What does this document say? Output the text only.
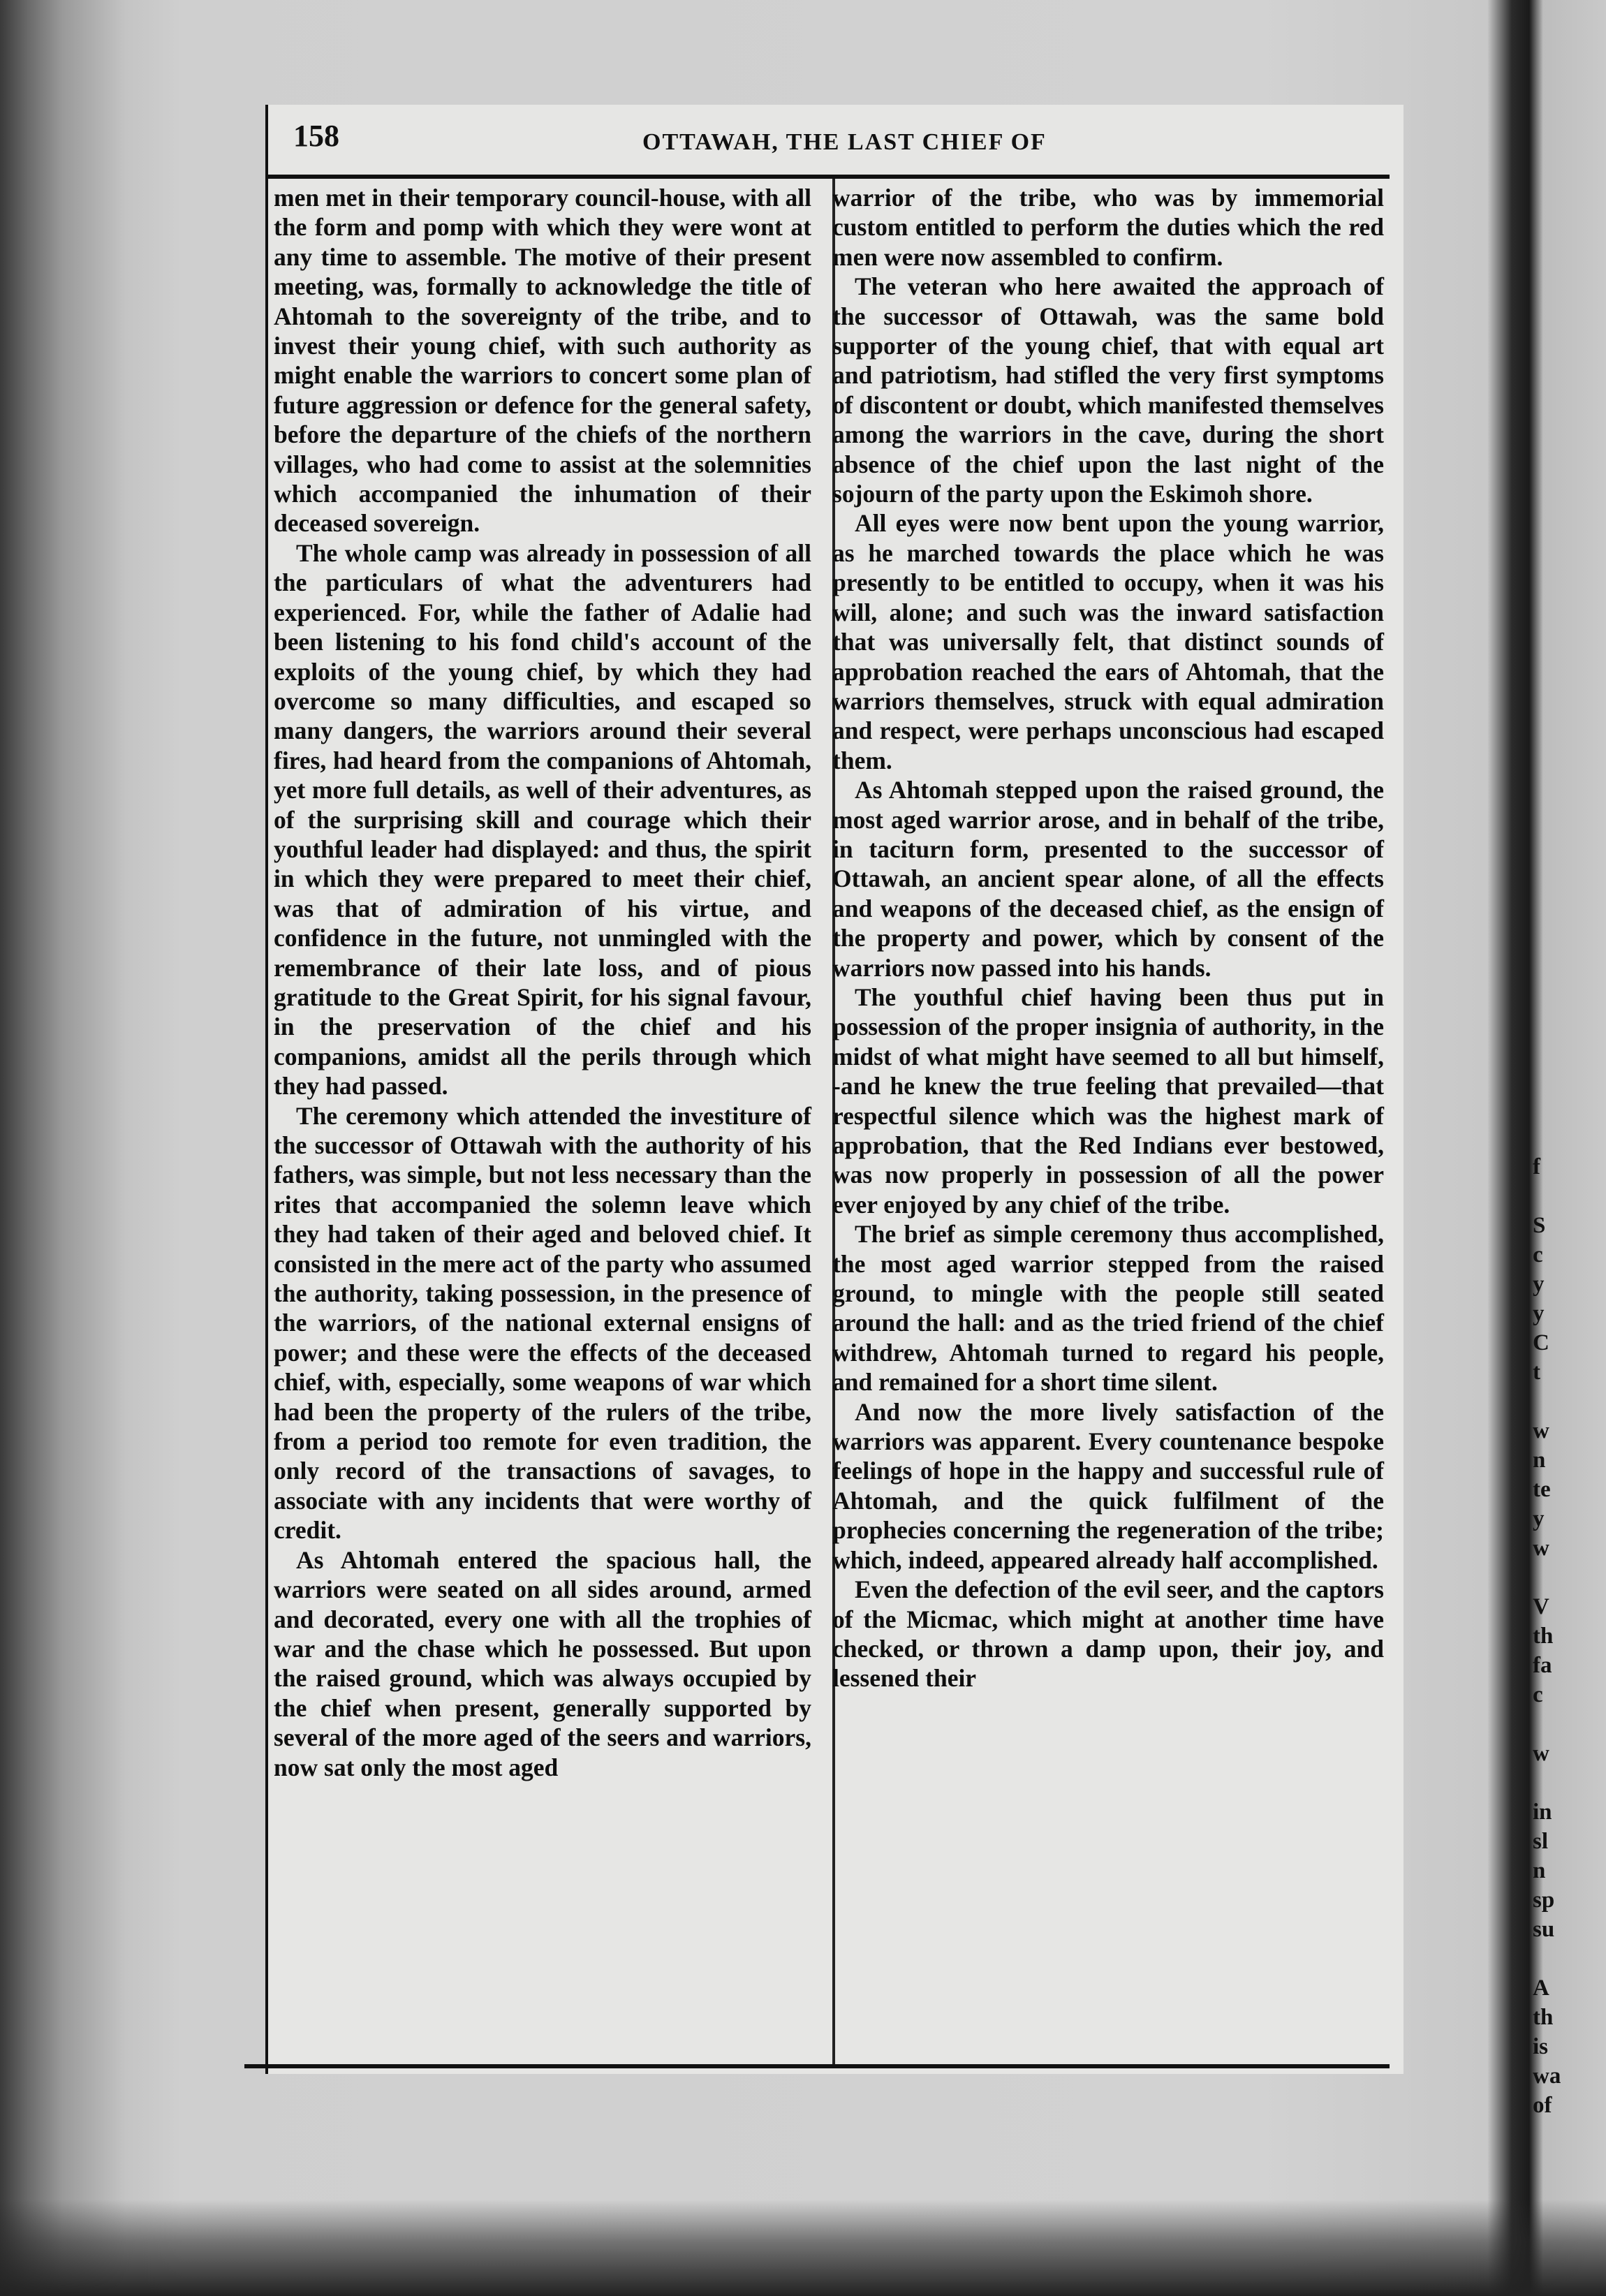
158	OTTAWAH, THE LAST CHIEF OF

men met in their temporary council-house, with all the form and pomp with which they were wont at any time to assemble. The motive of their present meeting, was, formally to acknowledge the title of Ahtomah to the sovereignty of the tribe, and to invest their young chief, with such authority as might enable the warriors to concert some plan of future aggression or defence for the general safety, before the departure of the chiefs of the northern villages, who had come to assist at the solemnities which accompanied the inhumation of their deceased sovereign.

The whole camp was already in possession of all the particulars of what the adventurers had experienced. For, while the father of Adalie had been listening to his fond child's account of the exploits of the young chief, by which they had overcome so many difficulties, and escaped so many dangers, the warriors around their several fires, had heard from the companions of Ahtomah, yet more full details, as well of their adventures, as of the surprising skill and courage which their youthful leader had displayed: and thus, the spirit in which they were prepared to meet their chief, was that of admiration of his virtue, and confidence in the future, not unmingled with the remembrance of their late loss, and of pious gratitude to the Great Spirit, for his signal favour, in the preservation of the chief and his companions, amidst all the perils through which they had passed.

The ceremony which attended the investiture of the successor of Ottawah with the authority of his fathers, was simple, but not less necessary than the rites that accompanied the solemn leave which they had taken of their aged and beloved chief. It consisted in the mere act of the party who assumed the authority, taking possession, in the presence of the warriors, of the national external ensigns of power; and these were the effects of the deceased chief, with, especially, some weapons of war which had been the property of the rulers of the tribe, from a period too remote for even tradition, the only record of the transactions of savages, to associate with any incidents that were worthy of credit.

As Ahtomah entered the spacious hall, the warriors were seated on all sides around, armed and decorated, every one with all the trophies of war and the chase which he possessed. But upon the raised ground, which was always occupied by the chief when present, generally supported by several of the more aged of the seers and warriors, now sat only the most aged

warrior of the tribe, who was by immemorial custom entitled to perform the duties which the red men were now assembled to confirm.

The veteran who here awaited the approach of the successor of Ottawah, was the same bold supporter of the young chief, that with equal art and patriotism, had stifled the very first symptoms of discontent or doubt, which manifested themselves among the warriors in the cave, during the short absence of the chief upon the last night of the sojourn of the party upon the Eskimoh shore.

All eyes were now bent upon the young warrior, as he marched towards the place which he was presently to be entitled to occupy, when it was his will, alone; and such was the inward satisfaction that was universally felt, that distinct sounds of approbation reached the ears of Ahtomah, that the warriors themselves, struck with equal admiration and respect, were perhaps unconscious had escaped them.

As Ahtomah stepped upon the raised ground, the most aged warrior arose, and in behalf of the tribe, in taciturn form, presented to the successor of Ottawah, an ancient spear alone, of all the effects and weapons of the deceased chief, as the ensign of the property and power, which by consent of the warriors now passed into his hands.

The youthful chief having been thus put in possession of the proper insignia of authority, in the midst of what might have seemed to all but himself, -and he knew the true feeling that prevailed—that respectful silence which was the highest mark of approbation, that the Red Indians ever bestowed, was now properly in possession of all the power ever enjoyed by any chief of the tribe.

The brief as simple ceremony thus accomplished, the most aged warrior stepped from the raised ground, to mingle with the people still seated around the hall: and as the tried friend of the chief withdrew, Ahtomah turned to regard his people, and remained for a short time silent.

And now the more lively satisfaction of the warriors was apparent. Every countenance bespoke feelings of hope in the happy and successful rule of Ahtomah, and the quick fulfilment of the prophecies concerning the regeneration of the tribe; which, indeed, appeared already half accomplished.

Even the defection of the evil seer, and the captors of the Micmac, which might at another time have checked, or thrown a damp upon, their joy, and lessened their

f

S
c
y
y
C
t

w
n
te
y
w

V
th
fa
c

w

in
sl
n
sp
su

A
th
is
wa
of
